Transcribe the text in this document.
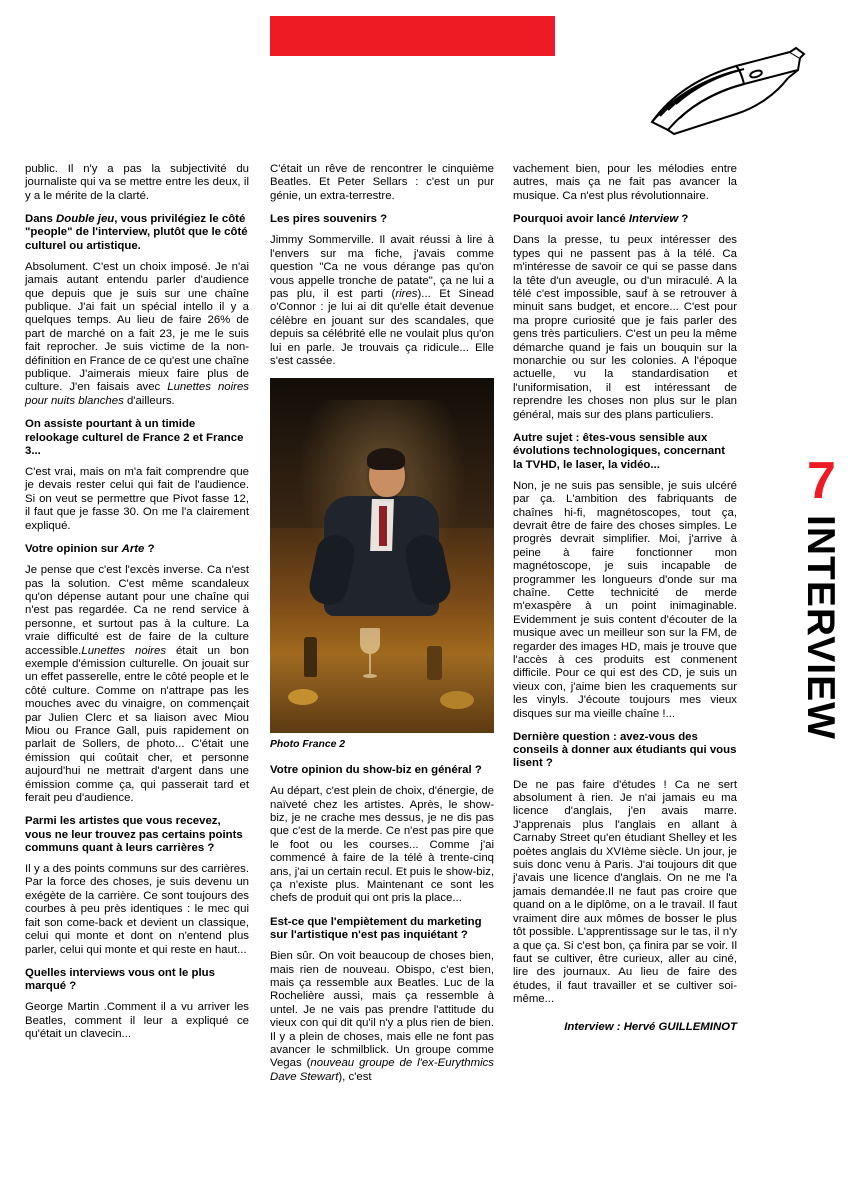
public. Il n'y a pas la subjectivité du journaliste qui va se mettre entre les deux, il y a le mérite de la clarté.

Dans Double jeu, vous privilégiez le côté "people" de l'interview, plutôt que le côté culturel ou artistique.

Absolument. C'est un choix imposé. Je n'ai jamais autant entendu parler d'audience que depuis que je suis sur une chaîne publique. J'ai fait un spécial intello il y a quelques temps. Au lieu de faire 26% de part de marché on a fait 23, je me le suis fait reprocher. Je suis victime de la non-définition en France de ce qu'est une chaîne publique. J'aimerais mieux faire plus de culture. J'en faisais avec Lunettes noires pour nuits blanches d'ailleurs.

On assiste pourtant à un timide relookage culturel de France 2 et France 3...

C'est vrai, mais on m'a fait comprendre que je devais rester celui qui fait de l'audience. Si on veut se permettre que Pivot fasse 12, il faut que je fasse 30. On me l'a clairement expliqué.

Votre opinion sur Arte ?

Je pense que c'est l'excès inverse. Ca n'est pas la solution. C'est même scandaleux qu'on dépense autant pour une chaîne qui n'est pas regardée. Ca ne rend service à personne, et surtout pas à la culture. La vraie difficulté est de faire de la culture accessible.Lunettes noires était un bon exemple d'émission culturelle. On jouait sur un effet passerelle, entre le côté people et le côté culture. Comme on n'attrape pas les mouches avec du vinaigre, on commençait par Julien Clerc et sa liaison avec Miou Miou ou France Gall, puis rapidement on parlait de Sollers, de photo... C'était une émission qui coûtait cher, et personne aujourd'hui ne mettrait d'argent dans une émission comme ça, qui passerait tard et ferait peu d'audience.

Parmi les artistes que vous recevez, vous ne leur trouvez pas certains points communs quant à leurs carrières ?

Il y a des points communs sur des carrières. Par la force des choses, je suis devenu un exégète de la carrière. Ce sont toujours des courbes à peu près identiques : le mec qui fait son come-back et devient un classique, celui qui monte et dont on n'entend plus parler, celui qui monte et qui reste en haut...

Quelles interviews vous ont le plus marqué ?

George Martin .Comment il a vu arriver les Beatles, comment il leur a expliqué ce qu'était un clavecin...

C'était un rêve de rencontrer le cinquième Beatles. Et Peter Sellars : c'est un pur génie, un extra-terrestre.

Les pires souvenirs ?

Jimmy Sommerville. Il avait réussi à lire à l'envers sur ma fiche, j'avais comme question "Ca ne vous dérange pas qu'on vous appelle tronche de patate", ça ne lui a pas plu, il est parti (rires)... Et Sinead o'Connor : je lui ai dit qu'elle était devenue célèbre en jouant sur des scandales, que depuis sa célébrité elle ne voulait plus qu'on lui en parle. Je trouvais ça ridicule... Elle s'est cassée.

Photo France 2

Votre opinion du show-biz en général ?

Au départ, c'est plein de choix, d'énergie, de naïveté chez les artistes. Après, le show-biz, je ne crache mes dessus, je ne dis pas que c'est de la merde. Ce n'est pas pire que le foot ou les courses... Comme j'ai commencé à faire de la télé à trente-cinq ans, j'ai un certain recul. Et puis le show-biz, ça n'existe plus. Maintenant ce sont les chefs de produit qui ont pris la place...

Est-ce que l'empiètement du marketing sur l'artistique n'est pas inquiétant ?

Bien sûr. On voit beaucoup de choses bien, mais rien de nouveau. Obispo, c'est bien, mais ça ressemble aux Beatles. Luc de la Rochelière aussi, mais ça ressemble à untel. Je ne vais pas prendre l'attitude du vieux con qui dit qu'il n'y a plus rien de bien. Il y a plein de choses, mais elle ne font pas avancer le schmilblick. Un groupe comme Vegas (nouveau groupe de l'ex-Eurythmics Dave Stewart), c'est

vachement bien, pour les mélodies entre autres, mais ça ne fait pas avancer la musique. Ca n'est plus révolutionnaire.

Pourquoi avoir lancé Interview ?

Dans la presse, tu peux intéresser des types qui ne passent pas à la télé. Ca m'intéresse de savoir ce qui se passe dans la tête d'un aveugle, ou d'un miraculé. A la télé c'est impossible, sauf à se retrouver à minuit sans budget, et encore... C'est pour ma propre curiosité que je fais parler des gens très particuliers. C'est un peu la même démarche quand je fais un bouquin sur la monarchie ou sur les colonies. A l'époque actuelle, vu la standardisation et l'uniformisation, il est intéressant de reprendre les choses non plus sur le plan général, mais sur des plans particuliers.

Autre sujet : êtes-vous sensible aux évolutions technologiques, concernant la TVHD, le laser, la vidéo...

Non, je ne suis pas sensible, je suis ulcéré par ça. L'ambition des fabriquants de chaînes hi-fi, magnétoscopes, tout ça, devrait être de faire des choses simples. Le progrès devrait simplifier. Moi, j'arrive à peine à faire fonctionner mon magnétoscope, je suis incapable de programmer les longueurs d'onde sur ma chaîne. Cette technicité de merde m'exaspère à un point inimaginable. Evidemment je suis content d'écouter de la musique avec un meilleur son sur la FM, de regarder des images HD, mais je trouve que l'accès à ces produits est conmenent difficile. Pour ce qui est des CD, je suis un vieux con, j'aime bien les craquements sur les vinyls. J'écoute toujours mes vieux disques sur ma vieille chaîne !...

Dernière question : avez-vous des conseils à donner aux étudiants qui vous lisent ?

De ne pas faire d'études ! Ca ne sert absolument à rien. Je n'ai jamais eu ma licence d'anglais, j'en avais marre. J'apprenais plus l'anglais en allant à Carnaby Street qu'en étudiant Shelley et les poètes anglais du XVIème siècle. Un jour, je suis donc venu à Paris. J'ai toujours dit que j'avais une licence d'anglais. On ne me l'a jamais demandée.Il ne faut pas croire que quand on a le diplôme, on a le travail. Il faut vraiment dire aux mômes de bosser le plus tôt possible. L'apprentissage sur le tas, il n'y a que ça. Si c'est bon, ça finira par se voir. Il faut se cultiver, être curieux, aller au ciné, lire des journaux. Au lieu de faire des études, il faut travailler et se cultiver soi-même...

Interview : Hervé GUILLEMINOT
7
INTERVIEW
